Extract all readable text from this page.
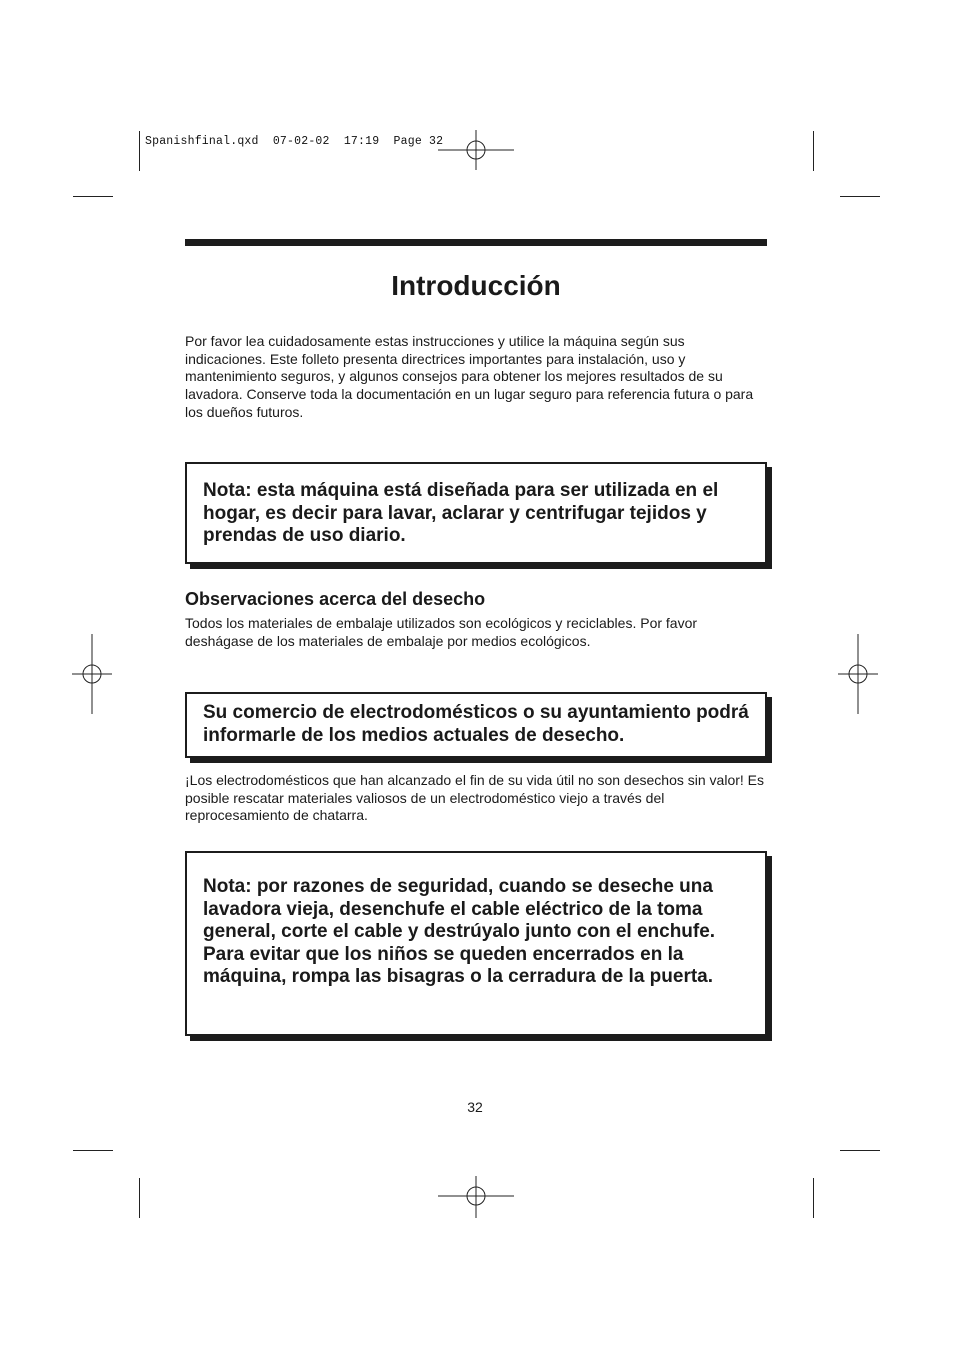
Spanishfinal.qxd  07-02-02  17:19  Page 32
Introducción

Por favor lea cuidadosamente estas instrucciones y utilice la máquina según sus indicaciones. Este folleto presenta directrices importantes para instalación, uso y mantenimiento seguros, y algunos consejos para obtener los mejores resultados de su lavadora. Conserve toda la documentación en un lugar seguro para referencia futura o para los dueños futuros.

Nota: esta máquina está diseñada para ser utilizada en el hogar, es decir para lavar, aclarar y centrifugar tejidos y prendas de uso diario.

Observaciones acerca del desecho

Todos los materiales de embalaje utilizados son ecológicos y reciclables. Por favor deshágase de los materiales de embalaje por medios ecológicos.

Su comercio de electrodomésticos o su ayuntamiento podrá informarle de los medios actuales de desecho.

¡Los electrodomésticos que han alcanzado el fin de su vida útil no son desechos sin valor! Es posible rescatar materiales valiosos de un electrodoméstico viejo a través del reprocesamiento de chatarra.

Nota: por razones de seguridad, cuando se deseche una lavadora vieja, desenchufe el cable eléctrico de la toma general, corte el cable y destrúyalo junto con el enchufe. Para evitar que los niños se queden encerrados en la máquina, rompa las bisagras o la cerradura de la puerta.

32
